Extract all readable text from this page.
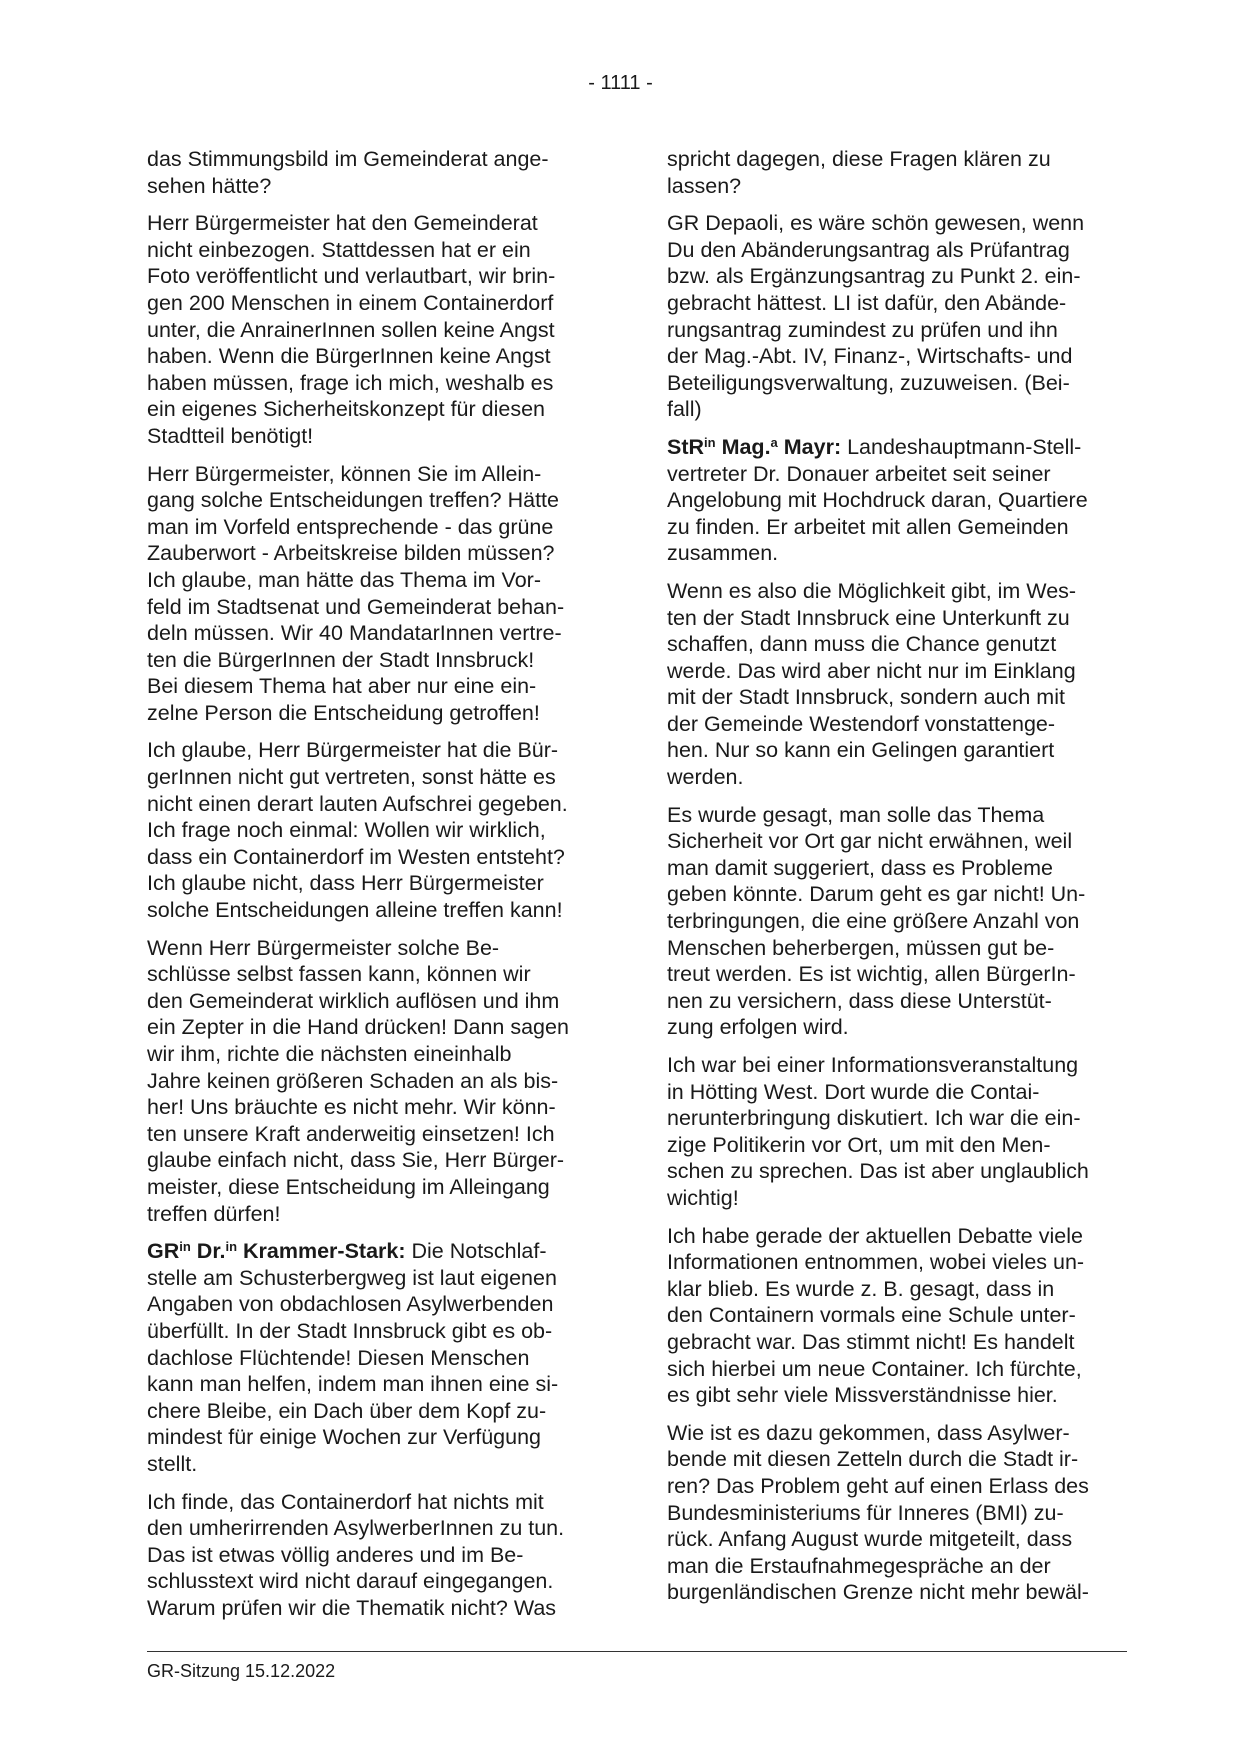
- 1111 -

das Stimmungsbild im Gemeinderat ange-
sehen hätte?

Herr Bürgermeister hat den Gemeinderat
nicht einbezogen. Stattdessen hat er ein
Foto veröffentlicht und verlautbart, wir brin-
gen 200 Menschen in einem Containerdorf
unter, die AnrainerInnen sollen keine Angst
haben. Wenn die BürgerInnen keine Angst
haben müssen, frage ich mich, weshalb es
ein eigenes Sicherheitskonzept für diesen
Stadtteil benötigt!

Herr Bürgermeister, können Sie im Allein-
gang solche Entscheidungen treffen? Hätte
man im Vorfeld entsprechende - das grüne
Zauberwort - Arbeitskreise bilden müssen?
Ich glaube, man hätte das Thema im Vor-
feld im Stadtsenat und Gemeinderat behan-
deln müssen. Wir 40 MandatarInnen vertre-
ten die BürgerInnen der Stadt Innsbruck!
Bei diesem Thema hat aber nur eine ein-
zelne Person die Entscheidung getroffen!

Ich glaube, Herr Bürgermeister hat die Bür-
gerInnen nicht gut vertreten, sonst hätte es
nicht einen derart lauten Aufschrei gegeben.
Ich frage noch einmal: Wollen wir wirklich,
dass ein Containerdorf im Westen entsteht?
Ich glaube nicht, dass Herr Bürgermeister
solche Entscheidungen alleine treffen kann!

Wenn Herr Bürgermeister solche Be-
schlüsse selbst fassen kann, können wir
den Gemeinderat wirklich auflösen und ihm
ein Zepter in die Hand drücken! Dann sagen
wir ihm, richte die nächsten eineinhalb
Jahre keinen größeren Schaden an als bis-
her! Uns bräuchte es nicht mehr. Wir könn-
ten unsere Kraft anderweitig einsetzen! Ich
glaube einfach nicht, dass Sie, Herr Bürger-
meister, diese Entscheidung im Alleingang
treffen dürfen!

$GR^{in}$ Dr.$^{in}$ Krammer-Stark: Die Notschlaf-
stelle am Schusterbergweg ist laut eigenen
Angaben von obdachlosen Asylwerbenden
überfüllt. In der Stadt Innsbruck gibt es ob-
dachlose Flüchtende! Diesen Menschen
kann man helfen, indem man ihnen eine si-
chere Bleibe, ein Dach über dem Kopf zu-
mindest für einige Wochen zur Verfügung
stellt.

Ich finde, das Containerdorf hat nichts mit
den umherirrenden AsylwerberInnen zu tun.
Das ist etwas völlig anderes und im Be-
schlusstext wird nicht darauf eingegangen.
Warum prüfen wir die Thematik nicht? Was

spricht dagegen, diese Fragen klären zu
lassen?

GR Depaoli, es wäre schön gewesen, wenn
Du den Abänderungsantrag als Prüfantrag
bzw. als Ergänzungsantrag zu Punkt 2. ein-
gebracht hättest. LI ist dafür, den Abände-
rungsantrag zumindest zu prüfen und ihn
der Mag.-Abt. IV, Finanz-, Wirtschafts- und
Beteiligungsverwaltung, zuzuweisen. (Bei-
fall)

StR$^{in}$ Mag.$^a$ Mayr: Landeshauptmann-Stell-
vertreter Dr. Donauer arbeitet seit seiner
Angelobung mit Hochdruck daran, Quartiere
zu finden. Er arbeitet mit allen Gemeinden
zusammen.

Wenn es also die Möglichkeit gibt, im Wes-
ten der Stadt Innsbruck eine Unterkunft zu
schaffen, dann muss die Chance genutzt
werde. Das wird aber nicht nur im Einklang
mit der Stadt Innsbruck, sondern auch mit
der Gemeinde Westendorf vonstattenge-
hen. Nur so kann ein Gelingen garantiert
werden.

Es wurde gesagt, man solle das Thema
Sicherheit vor Ort gar nicht erwähnen, weil
man damit suggeriert, dass es Probleme
geben könnte. Darum geht es gar nicht! Un-
terbringungen, die eine größere Anzahl von
Menschen beherbergen, müssen gut be-
treut werden. Es ist wichtig, allen BürgerIn-
nen zu versichern, dass diese Unterstüt-
zung erfolgen wird.

Ich war bei einer Informationsveranstaltung
in Hötting West. Dort wurde die Contai-
nerunterbringung diskutiert. Ich war die ein-
zige Politikerin vor Ort, um mit den Men-
schen zu sprechen. Das ist aber unglaublich
wichtig!

Ich habe gerade der aktuellen Debatte viele
Informationen entnommen, wobei vieles un-
klar blieb. Es wurde z. B. gesagt, dass in
den Containern vormals eine Schule unter-
gebracht war. Das stimmt nicht! Es handelt
sich hierbei um neue Container. Ich fürchte,
es gibt sehr viele Missverständnisse hier.

Wie ist es dazu gekommen, dass Asylwer-
bende mit diesen Zetteln durch die Stadt ir-
ren? Das Problem geht auf einen Erlass des
Bundesministeriums für Inneres (BMI) zu-
rück. Anfang August wurde mitgeteilt, dass
man die Erstaufnahmegespräche an der
burgenländischen Grenze nicht mehr bewäl-

GR-Sitzung 15.12.2022
